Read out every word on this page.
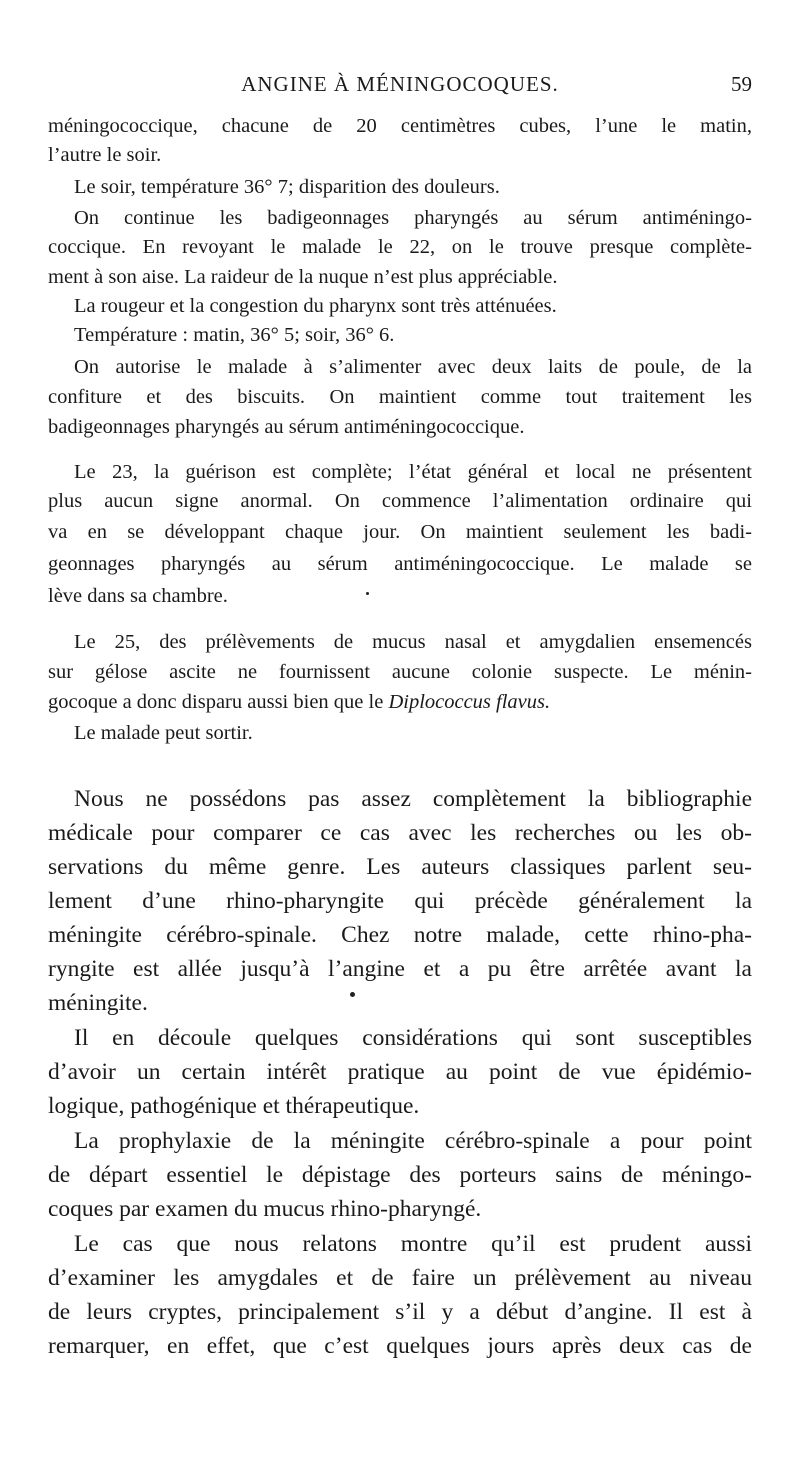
ANGINE À MÉNINGOCOQUES.	59
méningococcique, chacune de 20 centimètres cubes, l’une le matin,
l’autre le soir.
Le soir, température 36° 7; disparition des douleurs.
On continue les badigeonnages pharyngés au sérum antiméningo-
coccique. En revoyant le malade le 22, on le trouve presque complète-
ment à son aise. La raideur de la nuque n’est plus appréciable.
La rougeur et la congestion du pharynx sont très atténuées.
Température : matin, 36° 5; soir, 36° 6.
On autorise le malade à s’alimenter avec deux laits de poule, de la
confiture et des biscuits. On maintient comme tout traitement les
badigeonnages pharyngés au sérum antiméningococcique.
Le 23, la guérison est complète; l’état général et local ne présentent
plus aucun signe anormal. On commence l’alimentation ordinaire qui
va en se développant chaque jour. On maintient seulement les badi-
geonnages pharyngés au sérum antiméningococcique. Le malade se
lève dans sa chambre.
Le 25, des prélèvements de mucus nasal et amygdalien ensemencés
sur gélose ascite ne fournissent aucune colonie suspecte. Le ménin-
gocoque a donc disparu aussi bien que le Diplococcus flavus.
Le malade peut sortir.
Nous ne possédons pas assez complètement la bibliographie
médicale pour comparer ce cas avec les recherches ou les ob-
servations du même genre. Les auteurs classiques parlent seu-
lement d’une rhino-pharyngite qui précède généralement la
méningite cérébro-spinale. Chez notre malade, cette rhino-pha-
ryngite est allée jusqu’à l’angine et a pu être arrêtée avant la
méningite.
Il en découle quelques considérations qui sont susceptibles
d’avoir un certain intérêt pratique au point de vue épidémio-
logique, pathogénique et thérapeutique.
La prophylaxie de la méningite cérébro-spinale a pour point
de départ essentiel le dépistage des porteurs sains de méningo-
coques par examen du mucus rhino-pharyngé.
Le cas que nous relatons montre qu’il est prudent aussi
d’examiner les amygdales et de faire un prélèvement au niveau
de leurs cryptes, principalement s’il y a début d’angine. Il est à
remarquer, en effet, que c’est quelques jours après deux cas de
